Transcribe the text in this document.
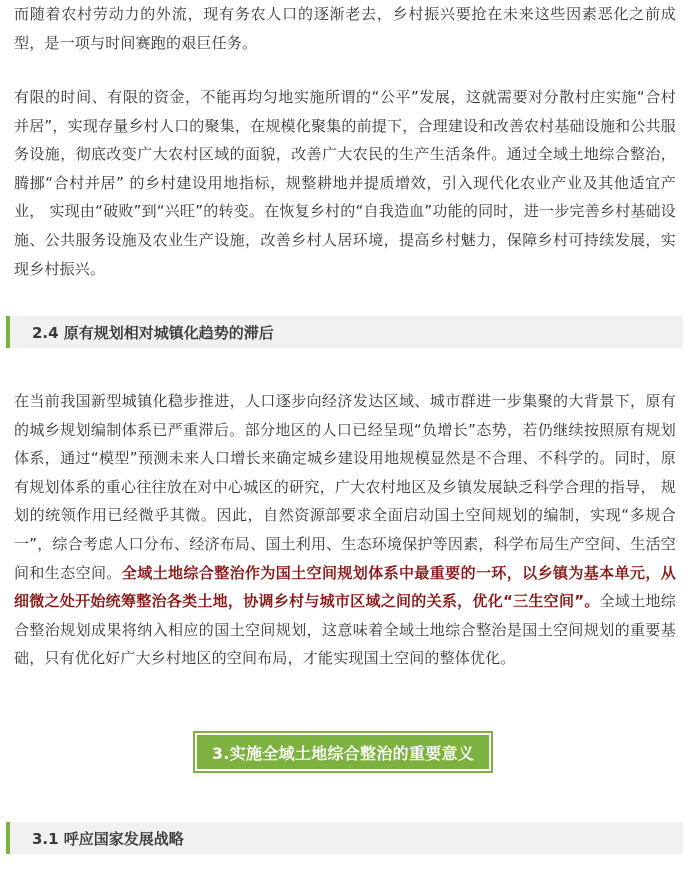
而随着农村劳动力的外流，现有务农人口的逐渐老去，乡村振兴要抢在未来这些因素恶化之前成型，是一项与时间赛跑的艰巨任务。

有限的时间、有限的资金，不能再均匀地实施所谓的“公平”发展，这就需要对分散村庄实施“合村并居”，实现存量乡村人口的聚集，在规模化聚集的前提下，合理建设和改善农村基础设施和公共服务设施，彻底改变广大农村区域的面貌，改善广大农民的生产生活条件。通过全域土地综合整治，腾挪“合村并居” 的乡村建设用地指标，规整耕地并提质增效，引入现代化农业产业及其他适宜产业， 实现由“破败”到“兴旺”的转变。在恢复乡村的“自我造血”功能的同时，进一步完善乡村基础设施、公共服务设施及农业生产设施，改善乡村人居环境，提高乡村魅力，保障乡村可持续发展，实现乡村振兴。

2.4 原有规划相对城镇化趋势的滞后

在当前我国新型城镇化稳步推进，人口逐步向经济发达区域、城市群进一步集聚的大背景下，原有的城乡规划编制体系已严重滞后。部分地区的人口已经呈现“负增长”态势，若仍继续按照原有规划体系，通过“模型”预测未来人口增长来确定城乡建设用地规模显然是不合理、不科学的。同时，原有规划体系的重心往往放在对中心城区的研究，广大农村地区及乡镇发展缺乏科学合理的指导， 规划的统领作用已经微乎其微。因此，自然资源部要求全面启动国土空间规划的编制，实现“多规合一”，综合考虑人口分布、经济布局、国土利用、生态环境保护等因素，科学布局生产空间、生活空间和生态空间。全域土地综合整治作为国土空间规划体系中最重要的一环，以乡镇为基本单元，从细微之处开始统筹整治各类土地，协调乡村与城市区域之间的关系，优化“三生空间”。全域土地综合整治规划成果将纳入相应的国土空间规划，这意味着全域土地综合整治是国土空间规划的重要基础，只有优化好广大乡村地区的空间布局，才能实现国土空间的整体优化。

3.实施全域土地综合整治的重要意义
3.1 呼应国家发展战略
